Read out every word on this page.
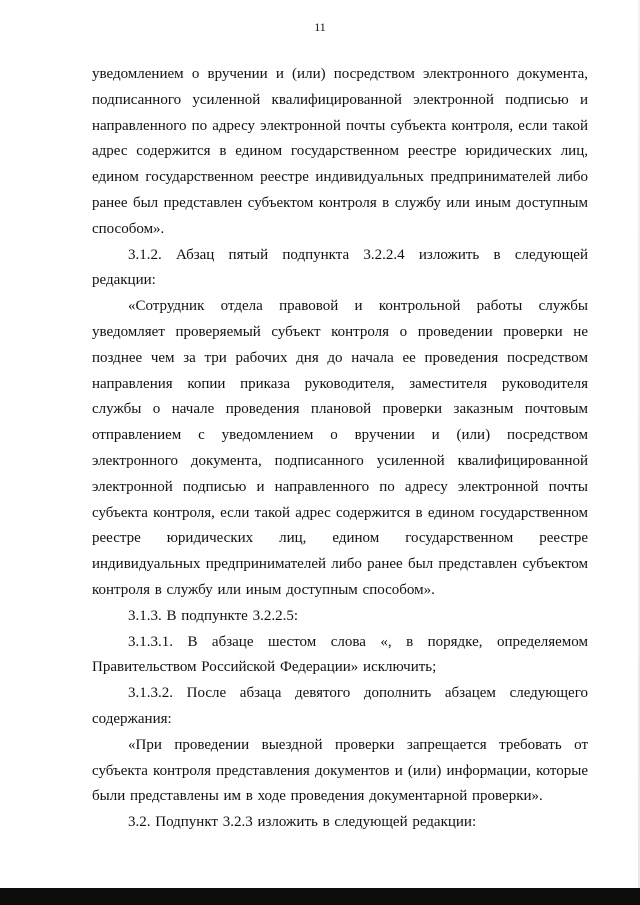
11

уведомлением о вручении и (или) посредством электронного документа, подписанного усиленной квалифицированной электронной подписью и направленного по адресу электронной почты субъекта контроля, если такой адрес содержится в едином государственном реестре юридических лиц, едином государственном реестре индивидуальных предпринимателей либо ранее был представлен субъектом контроля в службу или иным доступным способом».

3.1.2. Абзац пятый подпункта 3.2.2.4 изложить в следующей редакции:

«Сотрудник отдела правовой и контрольной работы службы уведомляет проверяемый субъект контроля о проведении проверки не позднее чем за три рабочих дня до начала ее проведения посредством направления копии приказа руководителя, заместителя руководителя службы о начале проведения плановой проверки заказным почтовым отправлением с уведомлением о вручении и (или) посредством электронного документа, подписанного усиленной квалифицированной электронной подписью и направленного по адресу электронной почты субъекта контроля, если такой адрес содержится в едином государственном реестре юридических лиц, едином государственном реестре индивидуальных предпринимателей либо ранее был представлен субъектом контроля в службу или иным доступным способом».

3.1.3. В подпункте 3.2.2.5:

3.1.3.1. В абзаце шестом слова «, в порядке, определяемом Правительством Российской Федерации» исключить;

3.1.3.2. После абзаца девятого дополнить абзацем следующего содержания:

«При проведении выездной проверки запрещается требовать от субъекта контроля представления документов и (или) информации, которые были представлены им в ходе проведения документарной проверки».

3.2. Подпункт 3.2.3 изложить в следующей редакции:
